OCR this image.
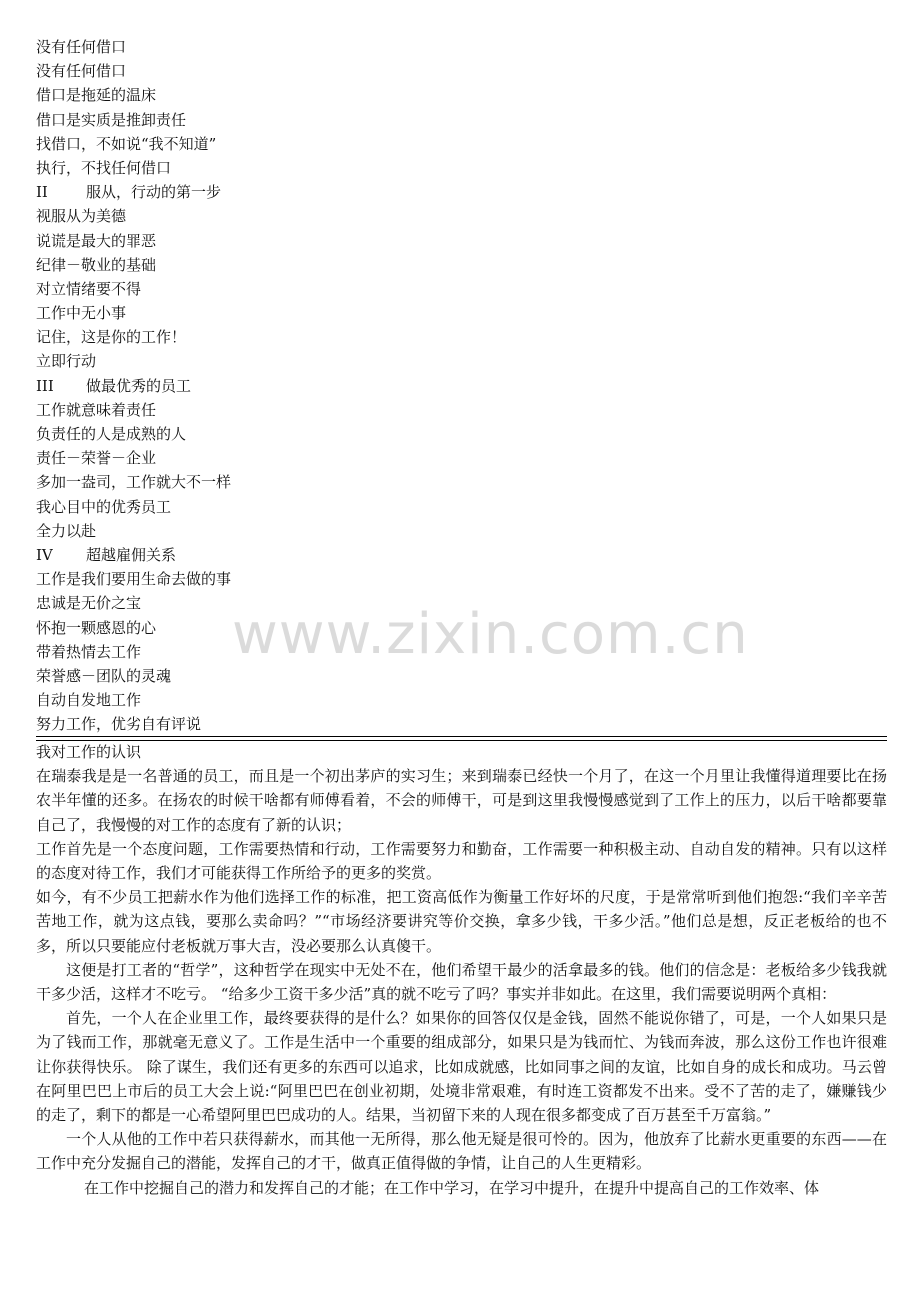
没有任何借口
没有任何借口
借口是拖延的温床
借口是实质是推卸责任
找借口，不如说“我不知道”
执行，不找任何借口
II	服从，行动的第一步
视服从为美德
说谎是最大的罪恶
纪律－敬业的基础
对立情绪要不得
工作中无小事
记住，这是你的工作！
立即行动
III 做最优秀的员工
工作就意味着责任
负责任的人是成熟的人
责任－荣誉－企业
多加一盎司，工作就大不一样
我心目中的优秀员工
全力以赴
IV 超越雇佣关系
工作是我们要用生命去做的事
忠诚是无价之宝
怀抱一颗感恩的心
带着热情去工作
荣誉感－团队的灵魂
自动自发地工作
努力工作，优劣自有评说

我对工作的认识

在瑞泰我是是一名普通的员工，而且是一个初出茅庐的实习生；来到瑞泰已经快一个月了，在这一个月里让我懂得道理要比在扬农半年懂的还多。在扬农的时候干啥都有师傅看着，不会的师傅干，可是到这里我慢慢感觉到了工作上的压力，以后干啥都要靠自己了，我慢慢的对工作的态度有了新的认识；

工作首先是一个态度问题，工作需要热情和行动，工作需要努力和勤奋，工作需要一种积极主动、自动自发的精神。只有以这样的态度对待工作，我们才可能获得工作所给予的更多的奖赏。

如今，有不少员工把薪水作为他们选择工作的标准，把工资高低作为衡量工作好坏的尺度，于是常常听到他们抱怨:“我们辛辛苦苦地工作，就为这点钱，要那么卖命吗？”“市场经济要讲究等价交换，拿多少钱，干多少活。”他们总是想，反正老板给的也不多，所以只要能应付老板就万事大吉，没必要那么认真傻干。

这便是打工者的“哲学”，这种哲学在现实中无处不在，他们希望干最少的活拿最多的钱。他们的信念是：老板给多少钱我就干多少活，这样才不吃亏。 “给多少工资干多少活”真的就不吃亏了吗？事实并非如此。在这里，我们需要说明两个真相：

首先，一个人在企业里工作，最终要获得的是什么？如果你的回答仅仅是金钱，固然不能说你错了，可是，一个人如果只是为了钱而工作，那就毫无意义了。工作是生活中一个重要的组成部分，如果只是为钱而忙、为钱而奔波，那么这份工作也许很难让你获得快乐。 除了谋生，我们还有更多的东西可以追求，比如成就感，比如同事之间的友谊，比如自身的成长和成功。马云曾在阿里巴巴上市后的员工大会上说:“阿里巴巴在创业初期，处境非常艰难，有时连工资都发不出来。受不了苦的走了，嫌赚钱少的走了，剩下的都是一心希望阿里巴巴成功的人。结果，当初留下来的人现在很多都变成了百万甚至千万富翁。”

一个人从他的工作中若只获得薪水，而其他一无所得，那么他无疑是很可怜的。因为，他放弃了比薪水更重要的东西——在工作中充分发掘自己的潜能，发挥自己的才干，做真正值得做的争情，让自己的人生更精彩。

在工作中挖掘自己的潜力和发挥自己的才能；在工作中学习，在学习中提升，在提升中提高自己的工作效率、体

www.zixin.com.cn
